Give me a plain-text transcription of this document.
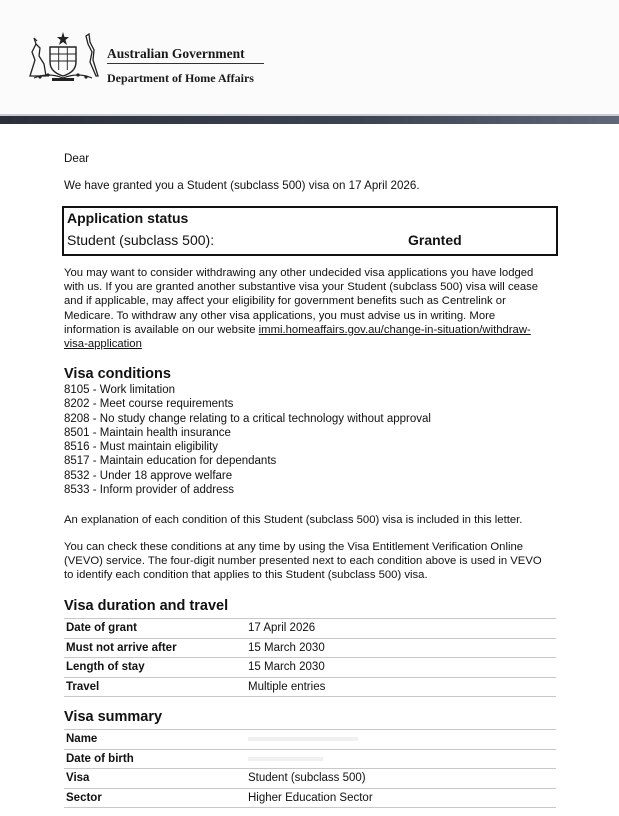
Australian Government
Department of Home Affairs
Dear
We have granted you a Student (subclass 500) visa on 17 April 2026.
Application status
Student (subclass 500):	Granted
You may want to consider withdrawing any other undecided visa applications you have lodged with us. If you are granted another substantive visa your Student (subclass 500) visa will cease and if applicable, may affect your eligibility for government benefits such as Centrelink or Medicare. To withdraw any other visa applications, you must advise us in writing. More information is available on our website immi.homeaffairs.gov.au/change-in-situation/withdraw-visa-application
Visa conditions
8105 - Work limitation
8202 - Meet course requirements
8208 - No study change relating to a critical technology without approval
8501 - Maintain health insurance
8516 - Must maintain eligibility
8517 - Maintain education for dependants
8532 - Under 18 approve welfare
8533 - Inform provider of address
An explanation of each condition of this Student (subclass 500) visa is included in this letter.
You can check these conditions at any time by using the Visa Entitlement Verification Online (VEVO) service. The four-digit number presented next to each condition above is used in VEVO to identify each condition that applies to this Student (subclass 500) visa.
Visa duration and travel
Date of grant	17 April 2026
Must not arrive after	15 March 2030
Length of stay	15 March 2030
Travel	Multiple entries
Visa summary
Name	
Date of birth	
Visa	Student (subclass 500)
Sector	Higher Education Sector
